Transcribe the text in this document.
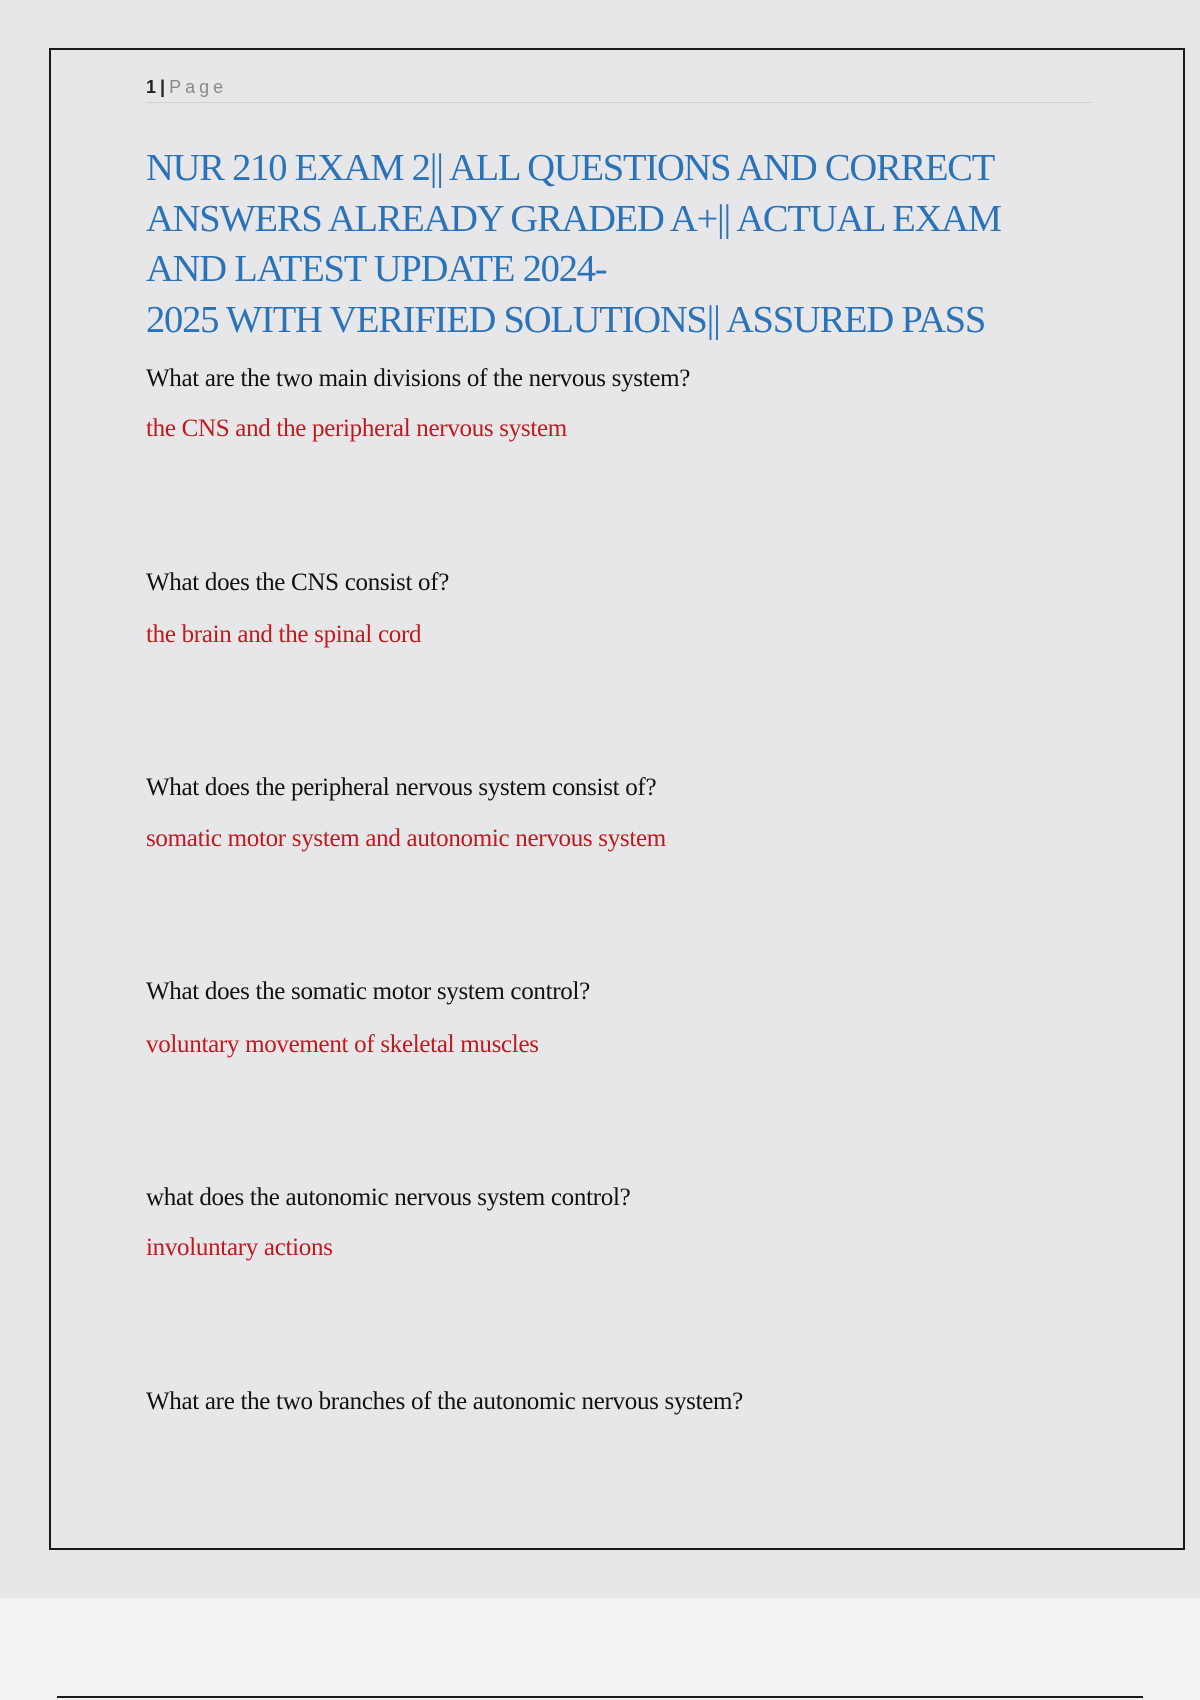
1 | Page
NUR 210 EXAM 2|| ALL QUESTIONS AND CORRECT
ANSWERS ALREADY GRADED A+|| ACTUAL EXAM
AND LATEST UPDATE 2024-
2025 WITH VERIFIED SOLUTIONS|| ASSURED PASS

What are the two main divisions of the nervous system?

the CNS and the peripheral nervous system

What does the CNS consist of?

the brain and the spinal cord

What does the peripheral nervous system consist of?

somatic motor system and autonomic nervous system

What does the somatic motor system control?

voluntary movement of skeletal muscles

what does the autonomic nervous system control?

involuntary actions

What are the two branches of the autonomic nervous system?
